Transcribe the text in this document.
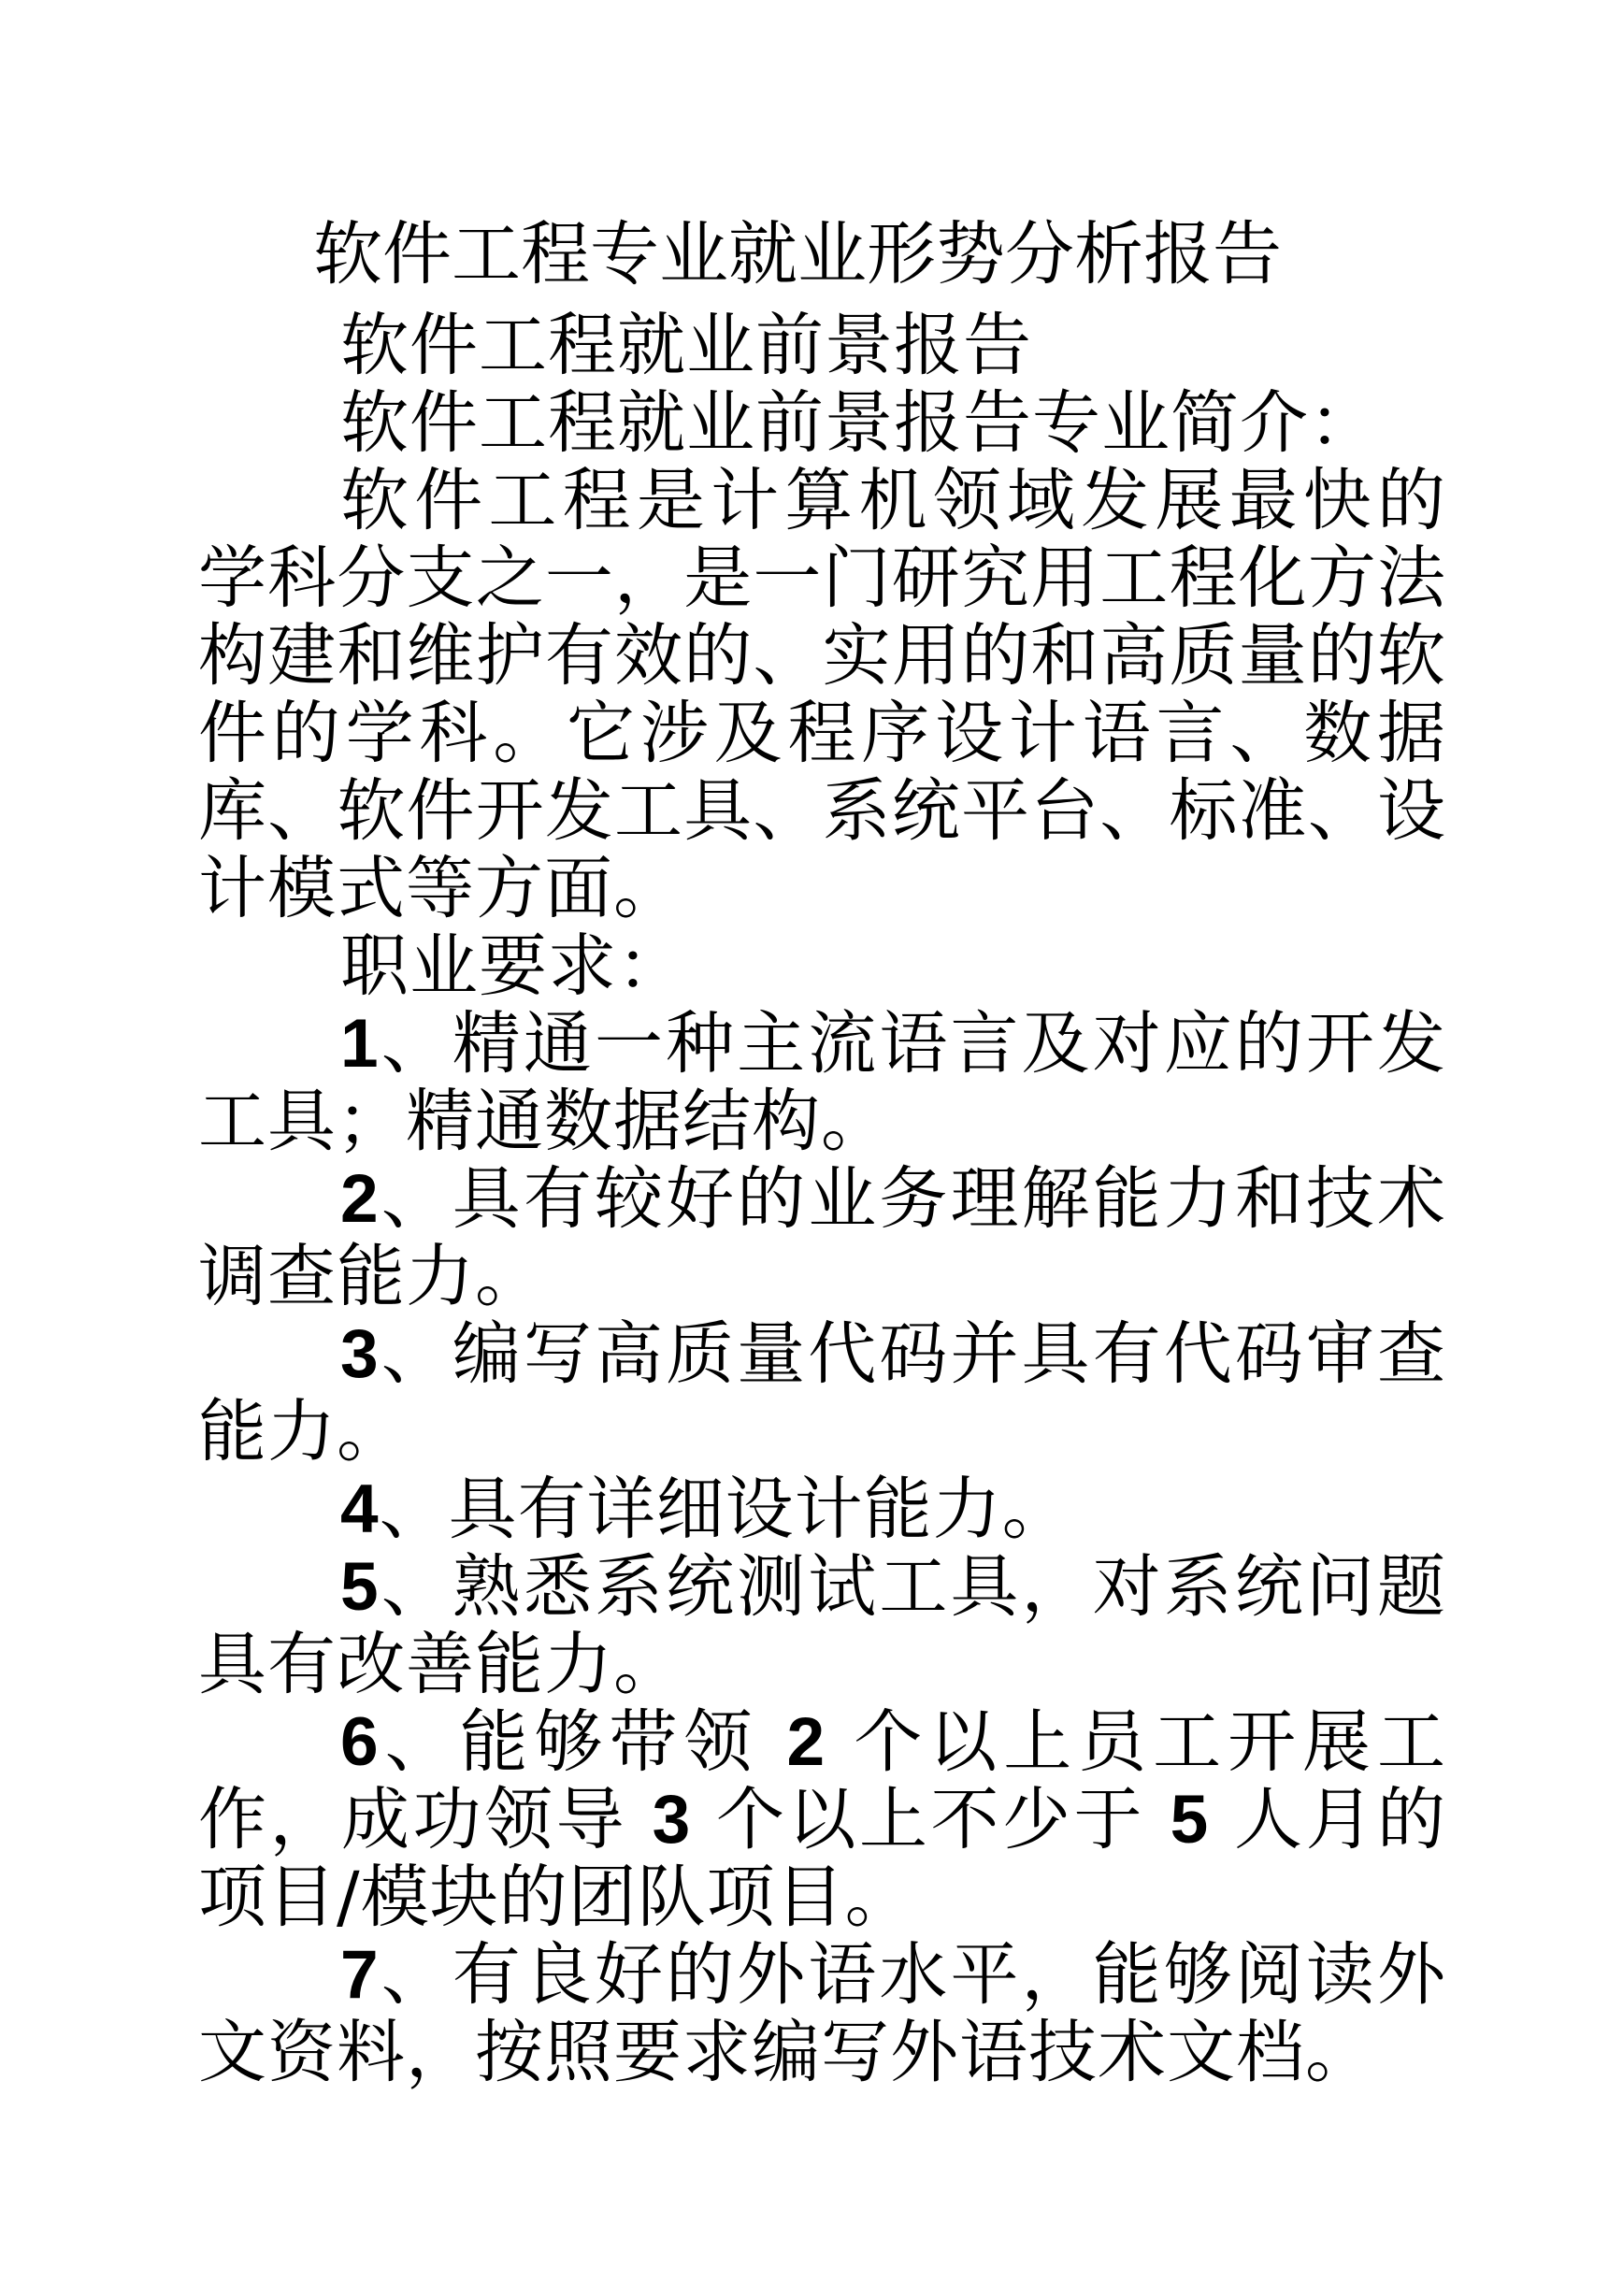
软件工程专业就业形势分析报告

软件工程就业前景报告

软件工程就业前景报告专业简介：

软件工程是计算机领域发展最快的学科分支之一，是一门研究用工程化方法构建和维护有效的、实用的和高质量的软件的学科。它涉及程序设计语言、数据库、软件开发工具、系统平台、标准、设计模式等方面。

职业要求：

1、精通一种主流语言及对应的开发工具；精通数据结构。

2、具有较好的业务理解能力和技术调查能力。

3、编写高质量代码并具有代码审查能力。

4、具有详细设计能力。

5、熟悉系统测试工具，对系统问题具有改善能力。

6、能够带领 2 个以上员工开展工作，成功领导 3 个以上不少于 5 人月的项目/模块的团队项目。

7、有良好的外语水平，能够阅读外文资料，按照要求编写外语技术文档。
